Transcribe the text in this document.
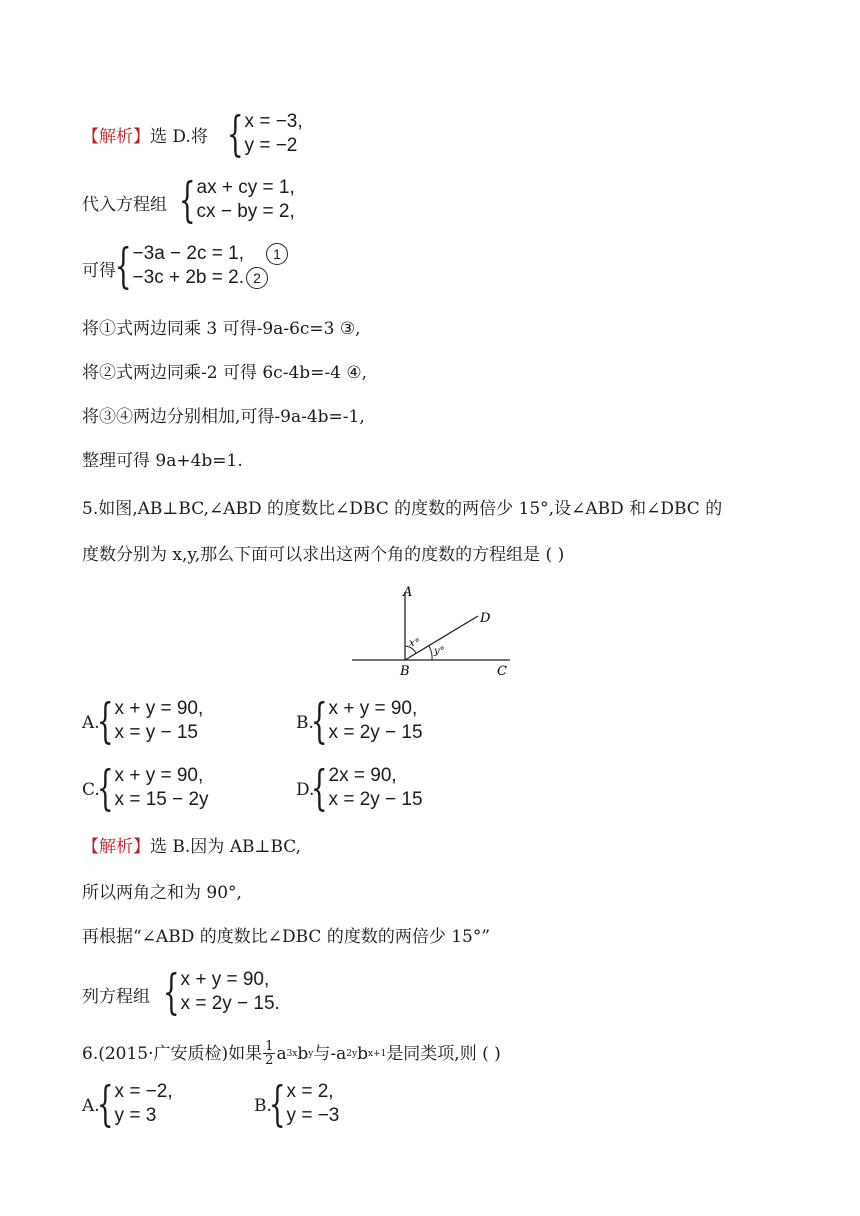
【解析】选 D.将 { x = −3,
y = −2
代入方程组 { ax + cy = 1,
cx − by = 2,
可得
{ −3a − 2c = 1, 1
−3c + 2b = 2. 2
将①式两边同乘 3 可得-9a-6c=3 ③,
将②式两边同乘-2 可得 6c-4b=-4 ④,
将③④两边分别相加,可得-9a-4b=-1,
整理可得 9a+4b=1.
5.如图,AB⊥BC,∠ABD 的度数比∠DBC 的度数的两倍少 15°,设∠ABD 和∠DBC 的
度数分别为 x,y,那么下面可以求出这两个角的度数的方程组是 ( )
A
B	C
D
x°
y°
A.
{ x + y = 90,
x = y − 15	B.
{ x + y = 90,
x = 2y − 15
C.
{ x + y = 90,
x = 15 − 2y	D.
{ 2x = 90,
x = 2y − 15
【解析】选 B.因为 AB⊥BC,
所以两角之和为 90°,
再根据“∠ABD 的度数比∠DBC 的度数的两倍少 15°”
列方程组 { x + y = 90,
x = 2y − 15.
6.(2015·广安质检)如果 1
2 a 3x b y 与- a 2y b x+1 是同类项,则 ( )
A.
{ x = −2,
y = 3	B.
{ x = 2,
y = −3
